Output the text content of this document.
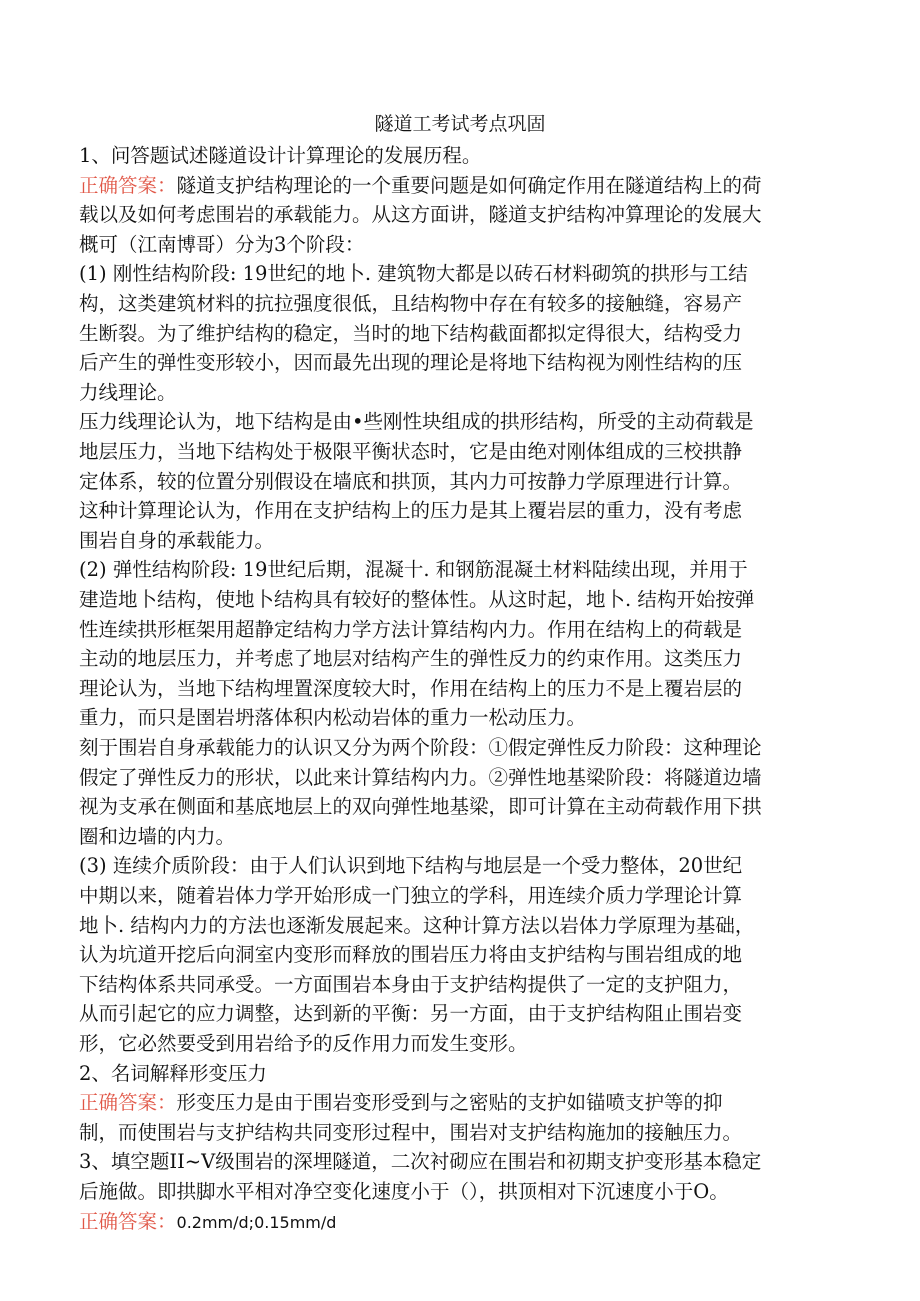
隧道工考试考点巩固
1、问答题试述隧道设计计算理论的发展历程。
正确答案：隧道支护结构理论的一个重要问题是如何确定作用在隧道结构上的荷
载以及如何考虑围岩的承载能力。从这方面讲，隧道支护结构冲算理论的发展大
概可（江南博哥）分为3个阶段：
(1) 刚性结构阶段: 19世纪的地卜. 建筑物大都是以砖石材料砌筑的拱形与工结
构，这类建筑材料的抗拉强度很低，且结构物中存在有较多的接触缝，容易产
生断裂。为了维护结构的稳定，当时的地下结构截面都拟定得很大，结构受力
后产生的弹性变形较小，因而最先出现的理论是将地下结构视为刚性结构的压
力线理论。
压力线理论认为，地下结构是由•些刚性块组成的拱形结构，所受的主动荷载是
地层压力，当地下结构处于极限平衡状态时，它是由绝对刚体组成的三校拱静
定体系，较的位置分别假设在墙底和拱顶，其内力可按静力学原理进行计算。
这种计算理论认为，作用在支护结构上的压力是其上覆岩层的重力，没有考虑
围岩自身的承载能力。
(2) 弹性结构阶段: 19世纪后期，混凝十. 和钢筋混凝土材料陆续出现，并用于
建造地卜结构，使地卜结构具有较好的整体性。从这时起，地卜. 结构开始按弹
性连续拱形框架用超静定结构力学方法计算结构内力。作用在结构上的荷载是
主动的地层压力，并考虑了地层对结构产生的弹性反力的约束作用。这类压力
理论认为，当地下结构埋置深度较大时，作用在结构上的压力不是上覆岩层的
重力，而只是圉岩坍落体积内松动岩体的重力一松动压力。
刻于围岩自身承载能力的认识又分为两个阶段：①假定弹性反力阶段：这种理论
假定了弹性反力的形状，以此来计算结构内力。②弹性地基梁阶段：将隧道边墙
视为支承在侧面和基底地层上的双向弹性地基梁，即可计算在主动荷载作用下拱
圈和边墙的内力。
(3) 连续介质阶段：由于人们认识到地下结构与地层是一个受力整体，20世纪
中期以来，随着岩体力学开始形成一门独立的学科，用连续介质力学理论计算
地卜. 结构内力的方法也逐渐发展起来。这种计算方法以岩体力学原理为基础，
认为坑道开挖后向洞室内变形而释放的围岩压力将由支护结构与围岩组成的地
下结构体系共同承受。一方面围岩本身由于支护结构提供了一定的支护阻力，
从而引起它的应力调整，达到新的平衡：另一方面，由于支护结构阻止围岩变
形，它必然要受到用岩给予的反作用力而发生变形。
2、名词解释形变压力
正确答案：形变压力是由于围岩变形受到与之密贴的支护如锚喷支护等的抑
制，而使围岩与支护结构共同变形过程中，围岩对支护结构施加的接触压力。
3、填空题II~V级围岩的深埋隧道，二次衬砌应在围岩和初期支护变形基本稳定
后施做。即拱脚水平相对净空变化速度小于（），拱顶相对下沉速度小于O。
正确答案：0.2mm∕d;0.15mm∕d
